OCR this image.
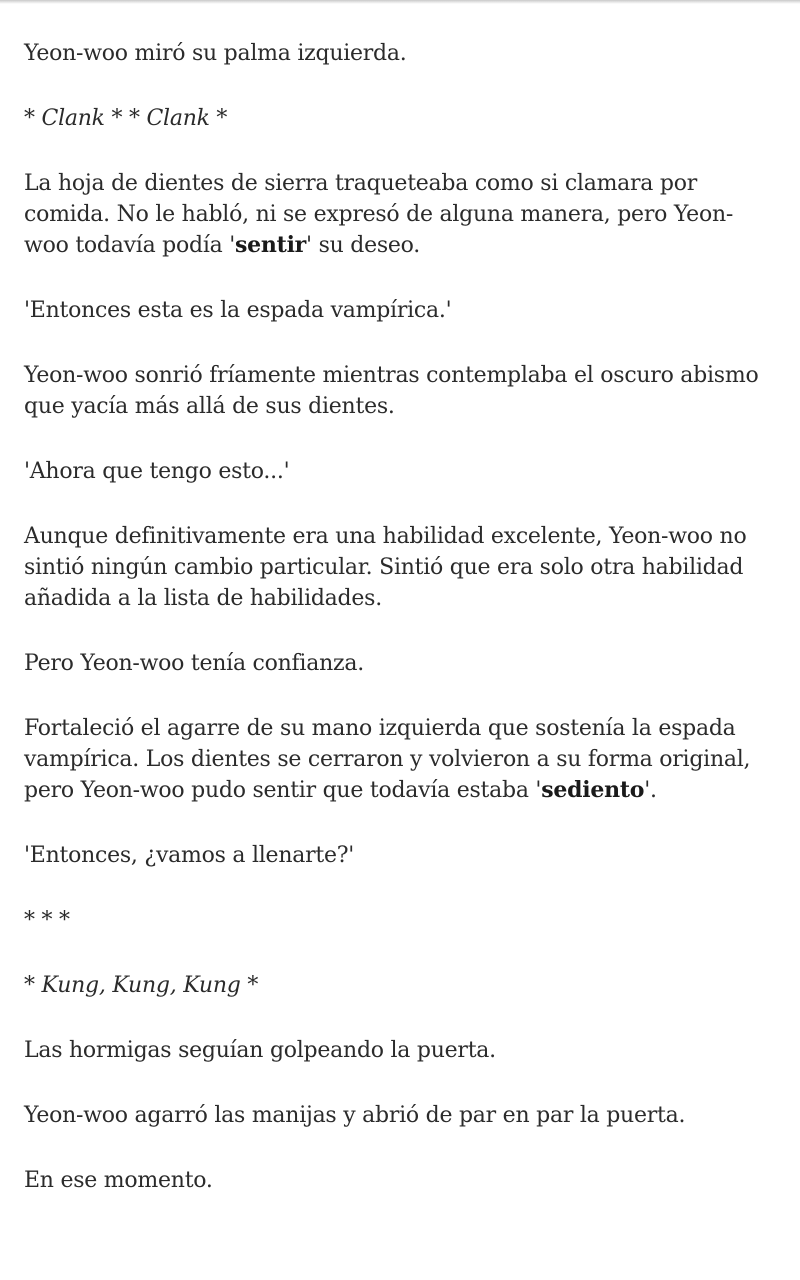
Yeon-woo miró su palma izquierda.

* Clank * * Clank *

La hoja de dientes de sierra traqueteaba como si clamara por comida. No le habló, ni se expresó de alguna manera, pero Yeon-woo todavía podía 'sentir' su deseo.

'Entonces esta es la espada vampírica.'

Yeon-woo sonrió fríamente mientras contemplaba el oscuro abismo que yacía más allá de sus dientes.

'Ahora que tengo esto...'

Aunque definitivamente era una habilidad excelente, Yeon-woo no sintió ningún cambio particular. Sintió que era solo otra habilidad añadida a la lista de habilidades.

Pero Yeon-woo tenía confianza.

Fortaleció el agarre de su mano izquierda que sostenía la espada vampírica. Los dientes se cerraron y volvieron a su forma original, pero Yeon-woo pudo sentir que todavía estaba 'sediento'.

'Entonces, ¿vamos a llenarte?'

* * *

* Kung, Kung, Kung *

Las hormigas seguían golpeando la puerta.

Yeon-woo agarró las manijas y abrió de par en par la puerta.

En ese momento.
